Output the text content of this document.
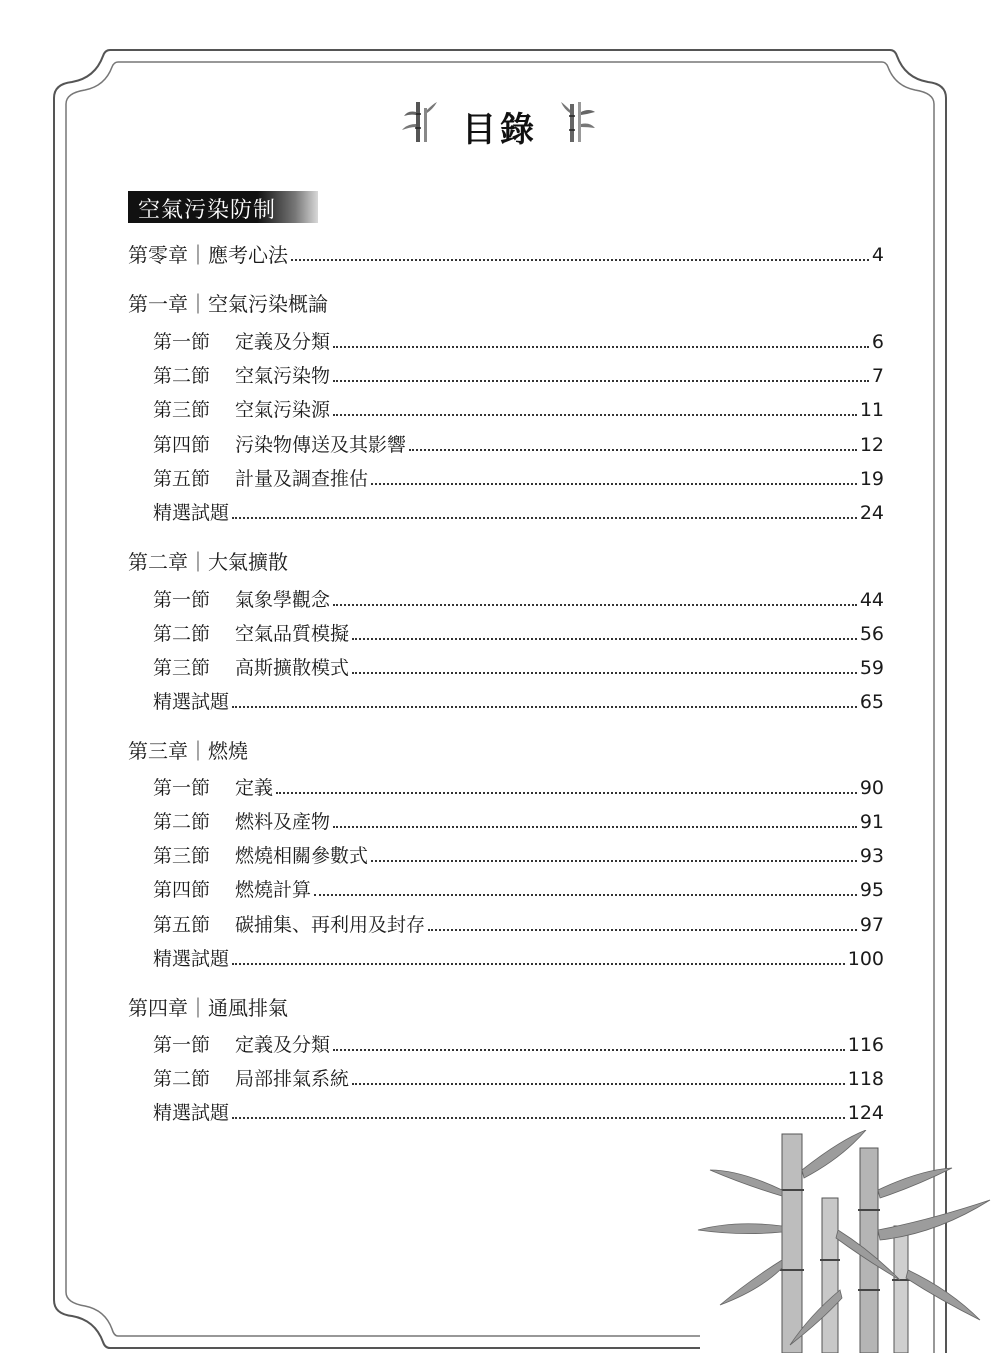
目錄
空氣污染防制
第零章｜應考心法	4
第一章｜空氣污染概論
第一節 定義及分類	6
第二節 空氣污染物	7
第三節 空氣污染源	11
第四節 污染物傳送及其影響	12
第五節 計量及調查推估	19
精選試題	24
第二章｜大氣擴散
第一節 氣象學觀念	44
第二節 空氣品質模擬	56
第三節 高斯擴散模式	59
精選試題	65
第三章｜燃燒
第一節 定義	90
第二節 燃料及產物	91
第三節 燃燒相關參數式	93
第四節 燃燒計算	95
第五節 碳捕集、再利用及封存	97
精選試題	100
第四章｜通風排氣
第一節 定義及分類	116
第二節 局部排氣系統	118
精選試題	124
